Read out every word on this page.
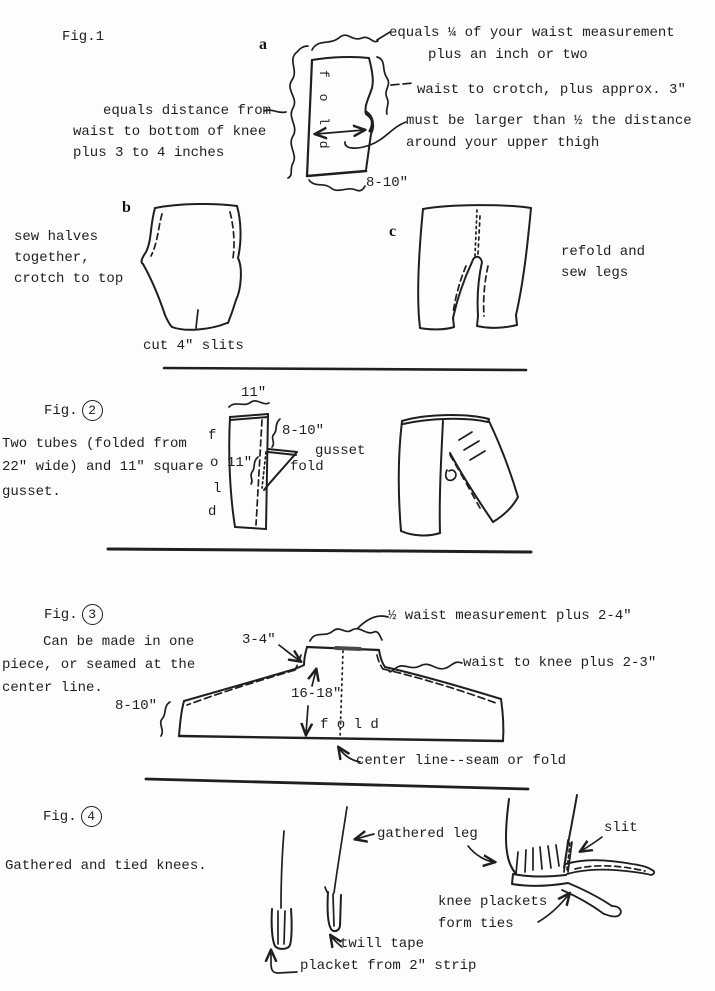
Fig.1	a
f o l d
equals ¼ of your waist measurement
plus an inch or two
waist to crotch, plus approx. 3"
equals distance from
waist to bottom of knee
plus 3 to 4 inches
must be larger than ½ the distance
around your upper thigh
8-10"
b
sew halves
together,
crotch to top
cut 4" slits
c
refold and
sew legs
Fig. 2
Two tubes (folded from
22" wide) and 11" square
gusset.
11"
f
o
l
d
8-10"
11"
gusset
fold
Fig. 3
Can be made in one
piece, or seamed at the
center line.
½ waist measurement plus 2-4"
3-4"
waist to knee plus 2-3"
16-18"
8-10"
f o l d
center line--seam or fold
Fig. 4
Gathered and tied knees.
gathered leg	slit
knee plackets
form ties
twill tape
placket from 2" strip
